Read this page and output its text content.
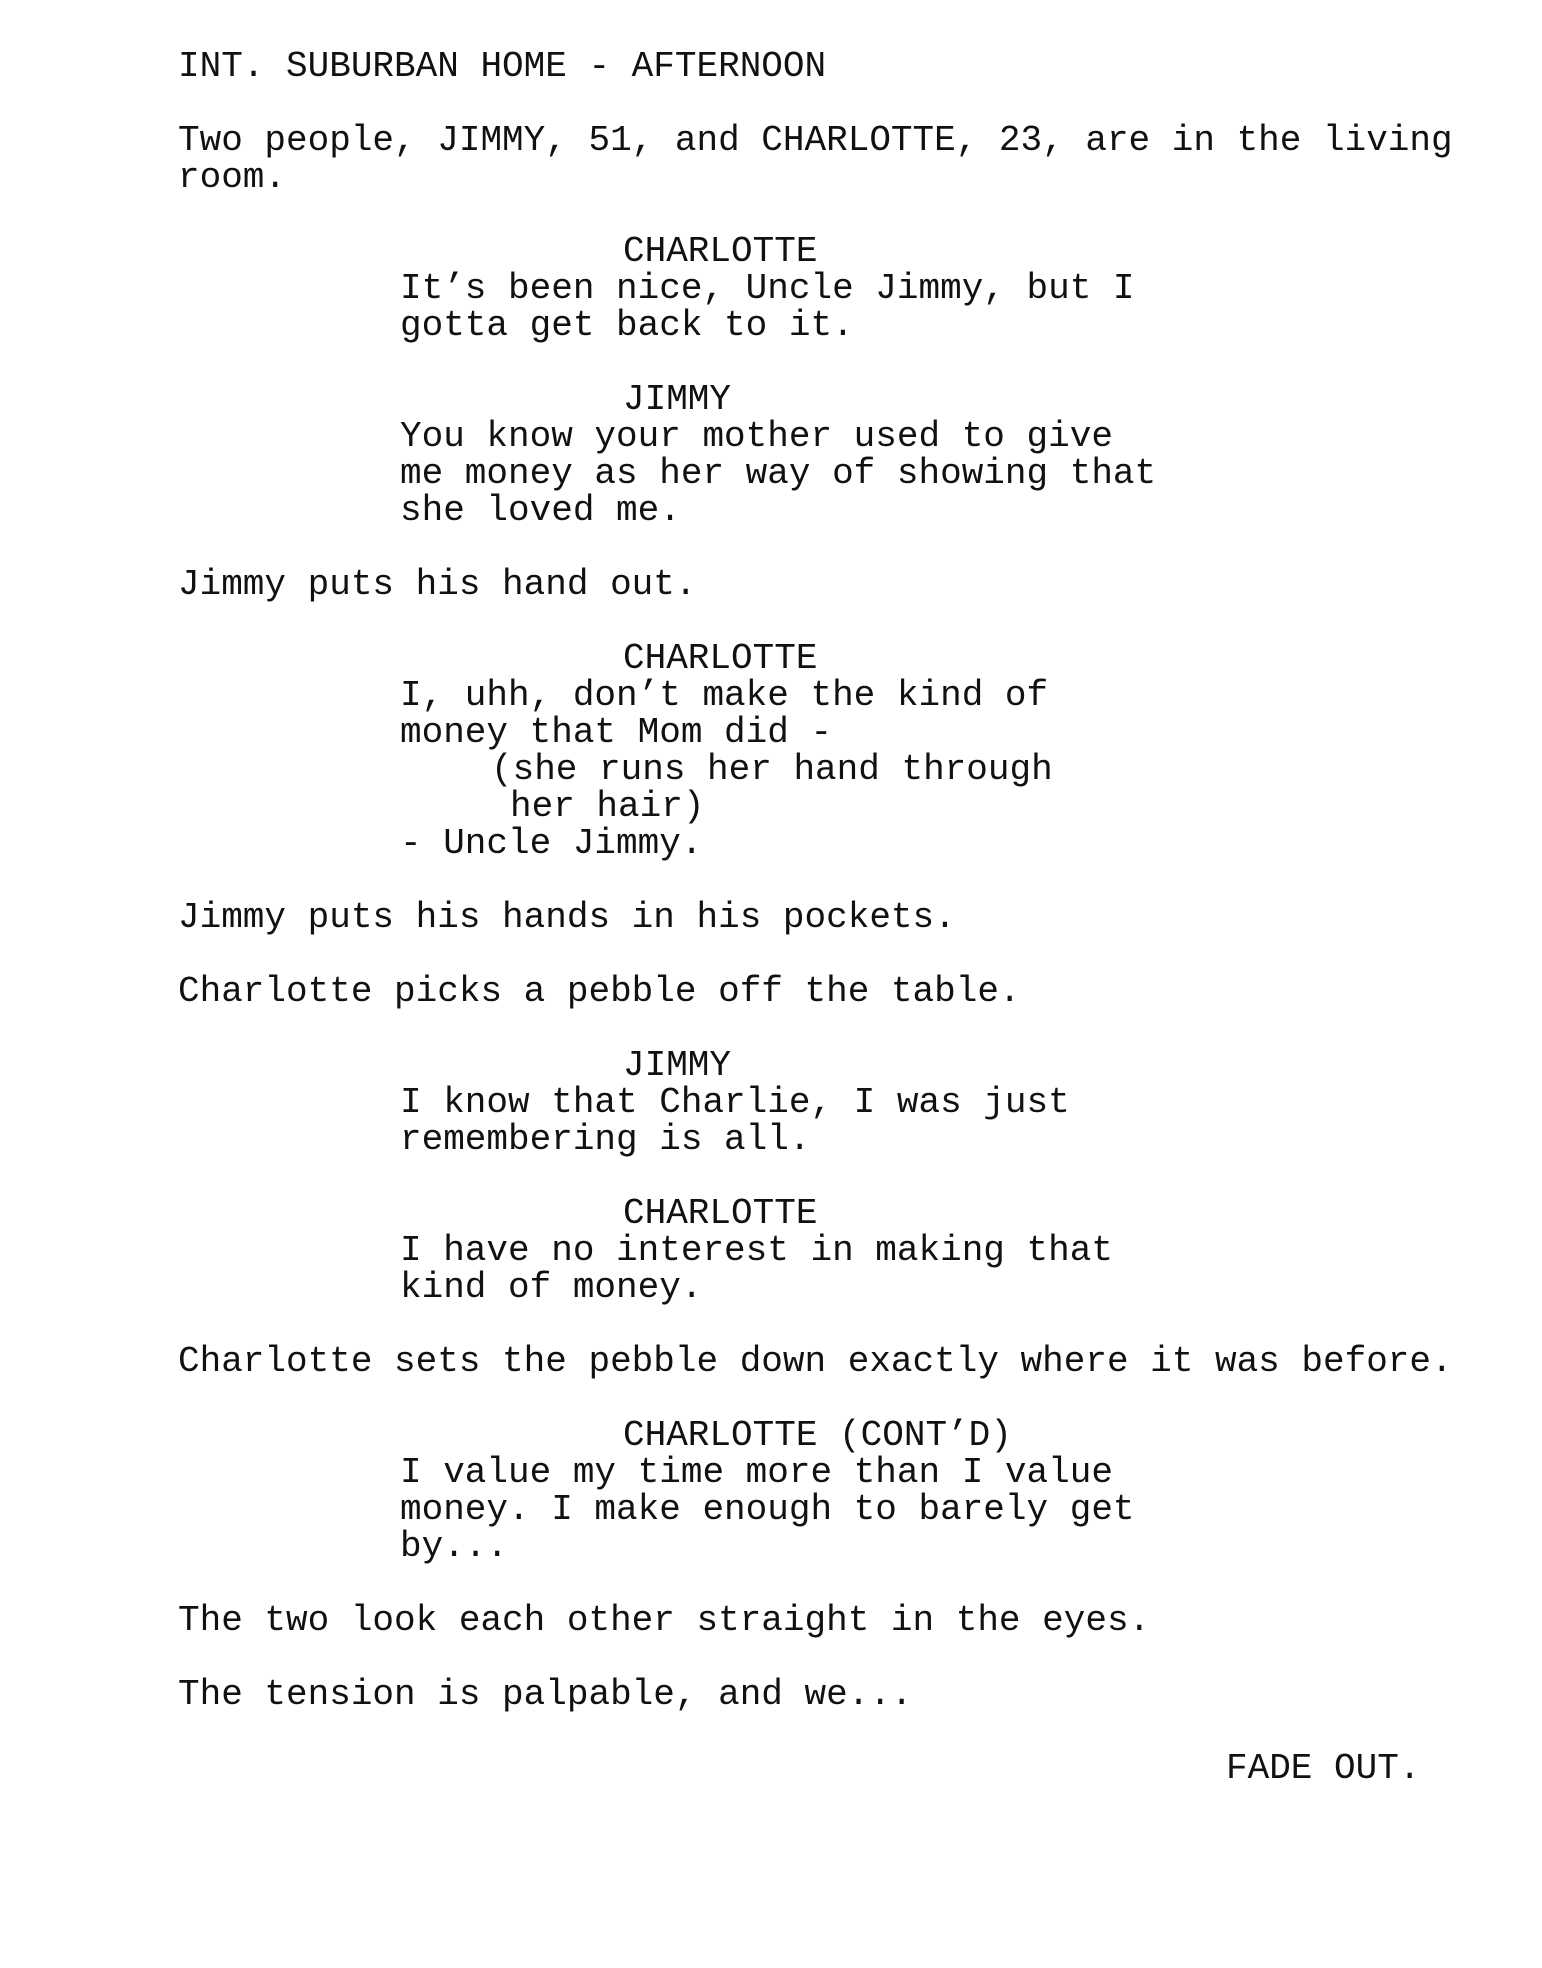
INT. SUBURBAN HOME - AFTERNOON

Two people, JIMMY, 51, and CHARLOTTE, 23, are in the living

room.

CHARLOTTE

It’s been nice, Uncle Jimmy, but I

gotta get back to it.

JIMMY

You know your mother used to give

me money as her way of showing that

she loved me.

Jimmy puts his hand out.

CHARLOTTE

I, uhh, don’t make the kind of

money that Mom did -

(she runs her hand through

her hair)

- Uncle Jimmy.

Jimmy puts his hands in his pockets.

Charlotte picks a pebble off the table.

JIMMY

I know that Charlie, I was just

remembering is all.

CHARLOTTE

I have no interest in making that

kind of money.

Charlotte sets the pebble down exactly where it was before.

CHARLOTTE (CONT’D)

I value my time more than I value

money. I make enough to barely get

by...

The two look each other straight in the eyes.

The tension is palpable, and we...

FADE OUT.
